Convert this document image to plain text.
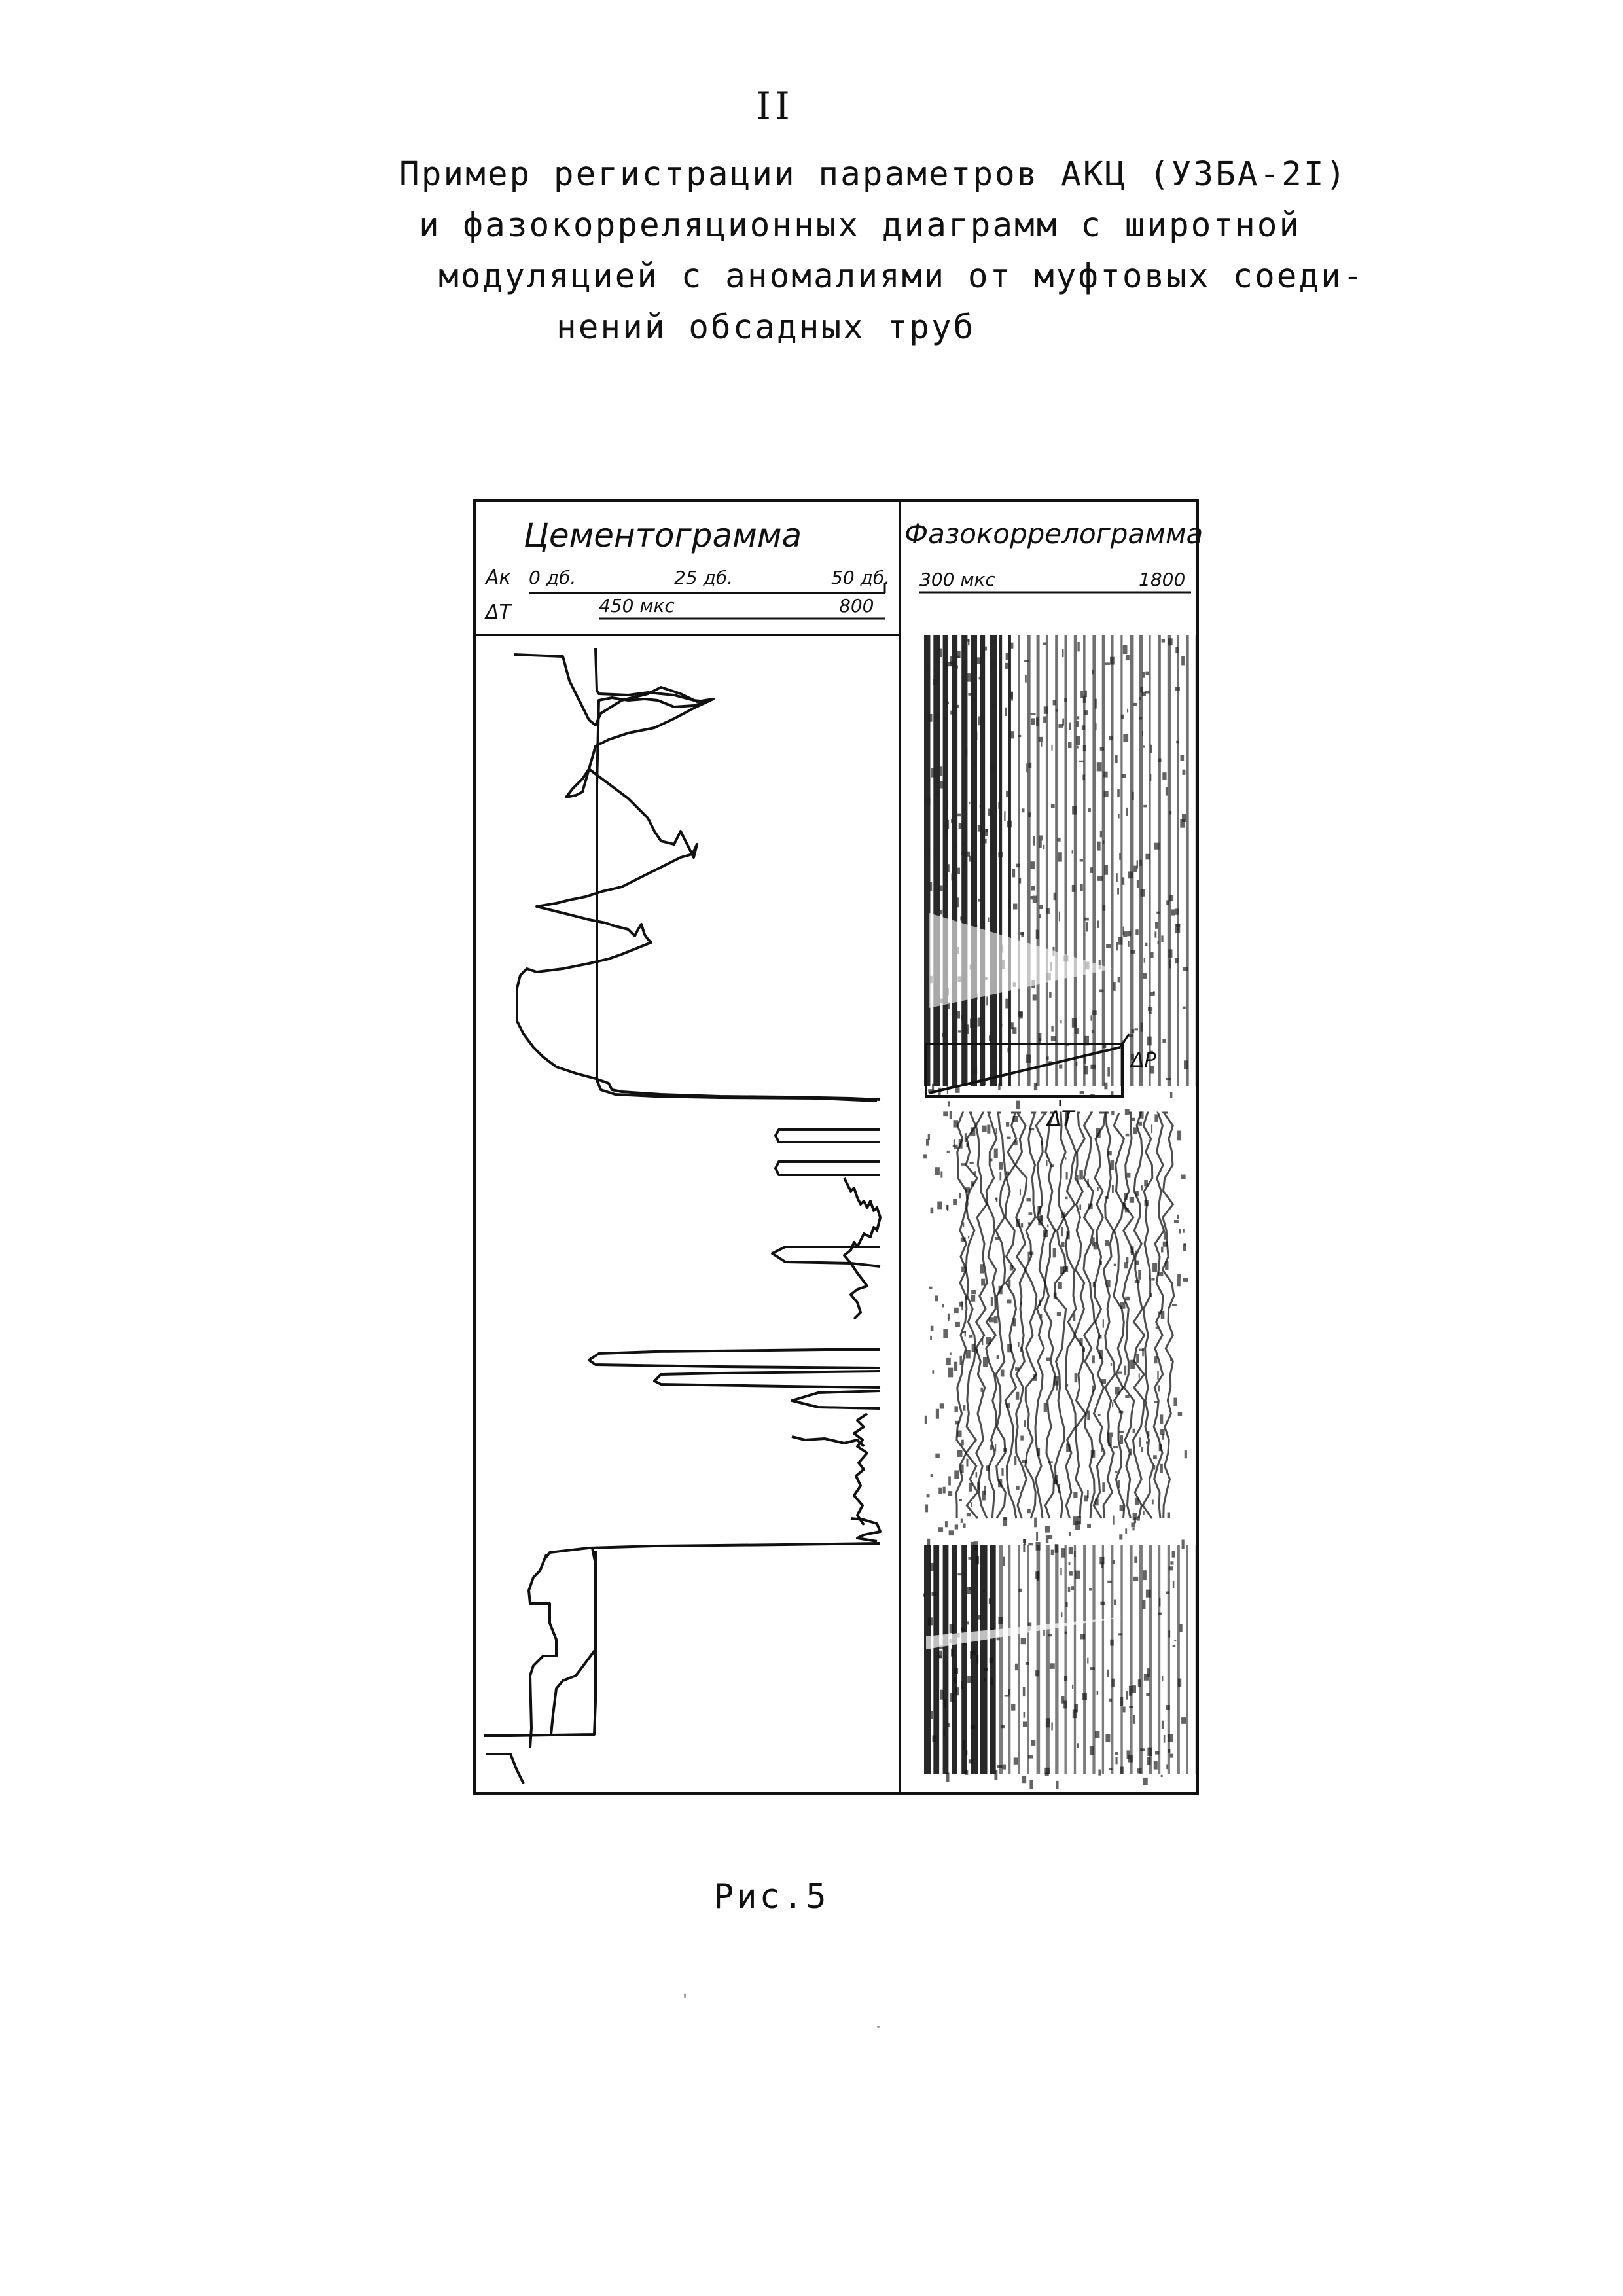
II
Пример регистрации параметров АКЦ (УЗБА-2I)
и фазокорреляционных диаграмм с широтной
модуляцией с аномалиями от муфтовых соеди-
нений обсадных труб
Цементограмма
Aк 0 дб.	25 дб.	50 дб.
ΔT	450 мкс	800
Фазокоррелограмма
300 мкс	1800
ΔP
ΔT
Рис.5
